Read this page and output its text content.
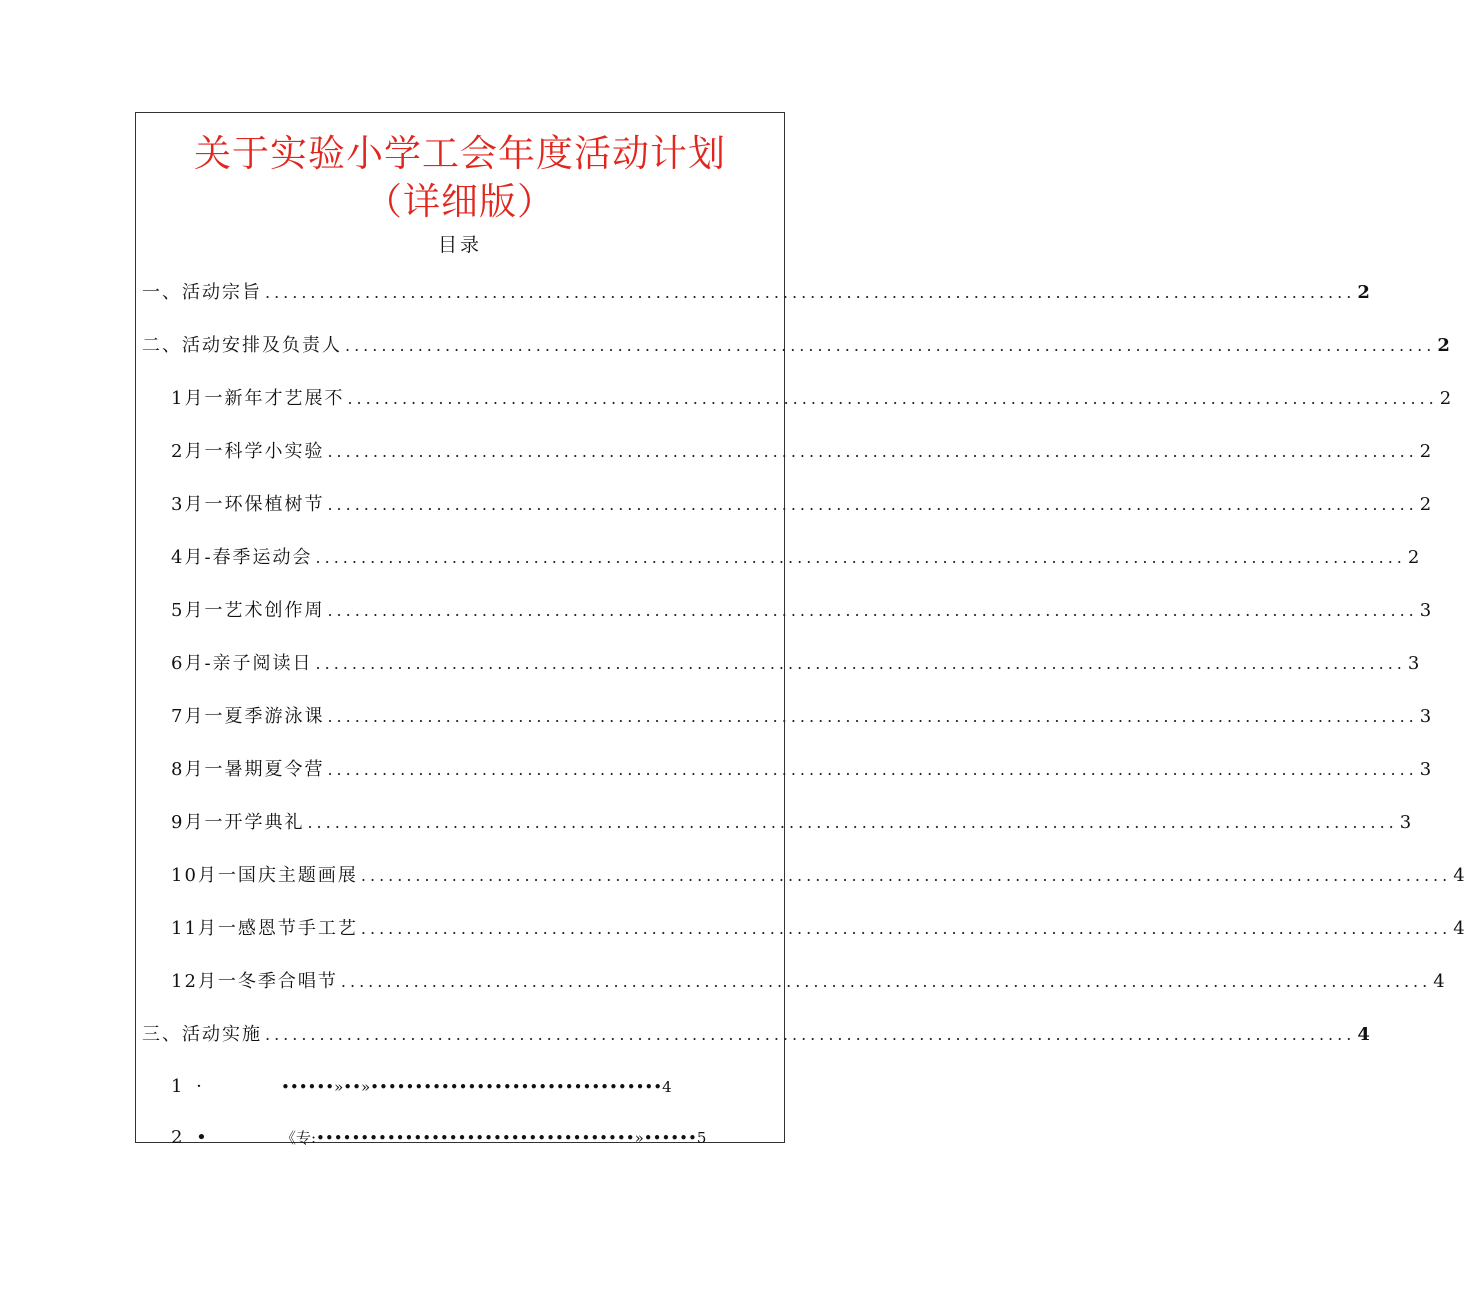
关于实验小学工会年度活动计划
（详细版）
目录
一、活动宗旨 ........................................................................................................................ 2
二、活动安排及负责人 ........................................................................................................................ 2
1月一新年才艺展不 ........................................................................................................................ 2
2月一科学小实验 ........................................................................................................................ 2
3月一环保植树节 ........................................................................................................................ 2
4月-春季运动会 ........................................................................................................................ 2
5月一艺术创作周 ........................................................................................................................ 3
6月-亲子阅读日 ........................................................................................................................ 3
7月一夏季游泳课 ........................................................................................................................ 3
8月一暑期夏令营 ........................................................................................................................ 3
9月一开学典礼 ........................................................................................................................ 3
10月一国庆主题画展 ........................................................................................................................ 4
11月一感恩节手工艺 ........................................................................................................................ 4
12月一冬季合唱节 ........................................................................................................................ 4
三、活动实施 ........................................................................................................................ 4
1 ·	••••••»••»•••••••••••••••••••••••••••••••••4
2 •	《专:••••••••••••••••••••••••••••••••••••»••••••5
